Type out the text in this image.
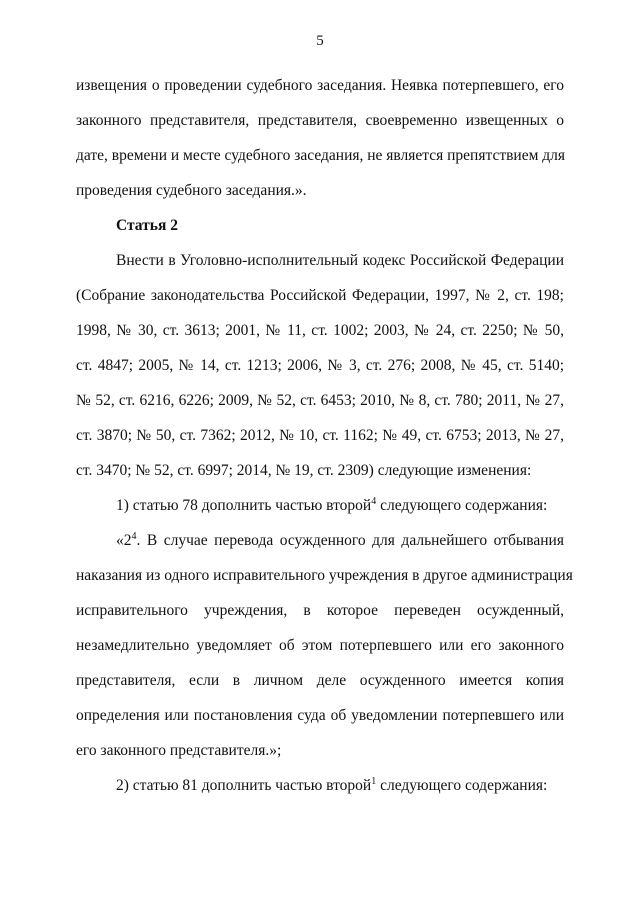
5
извещения о проведении судебного заседания. Неявка потерпевшего, его
законного представителя, представителя, своевременно извещенных о
дате, времени и месте судебного заседания, не является препятствием для
проведения судебного заседания.».
Статья 2
Внести в Уголовно-исполнительный кодекс Российской Федерации
(Собрание законодательства Российской Федерации, 1997, № 2, ст. 198;
1998, № 30, ст. 3613; 2001, № 11, ст. 1002; 2003, № 24, ст. 2250; № 50,
ст. 4847; 2005, № 14, ст. 1213; 2006, № 3, ст. 276; 2008, № 45, ст. 5140;
№ 52, ст. 6216, 6226; 2009, № 52, ст. 6453; 2010, № 8, ст. 780; 2011, № 27,
ст. 3870; № 50, ст. 7362; 2012, № 10, ст. 1162; № 49, ст. 6753; 2013, № 27,
ст. 3470; № 52, ст. 6997; 2014, № 19, ст. 2309) следующие изменения:
1) статью 78 дополнить частью второй$^4$ следующего содержания:
«$2^4$. В случае перевода осужденного для дальнейшего отбывания
наказания из одного исправительного учреждения в другое администрация
исправительного учреждения, в которое переведен осужденный,
незамедлительно уведомляет об этом потерпевшего или его законного
представителя, если в личном деле осужденного имеется копия
определения или постановления суда об уведомлении потерпевшего или
его законного представителя.»;
2) статью 81 дополнить частью второй$^1$ следующего содержания:
